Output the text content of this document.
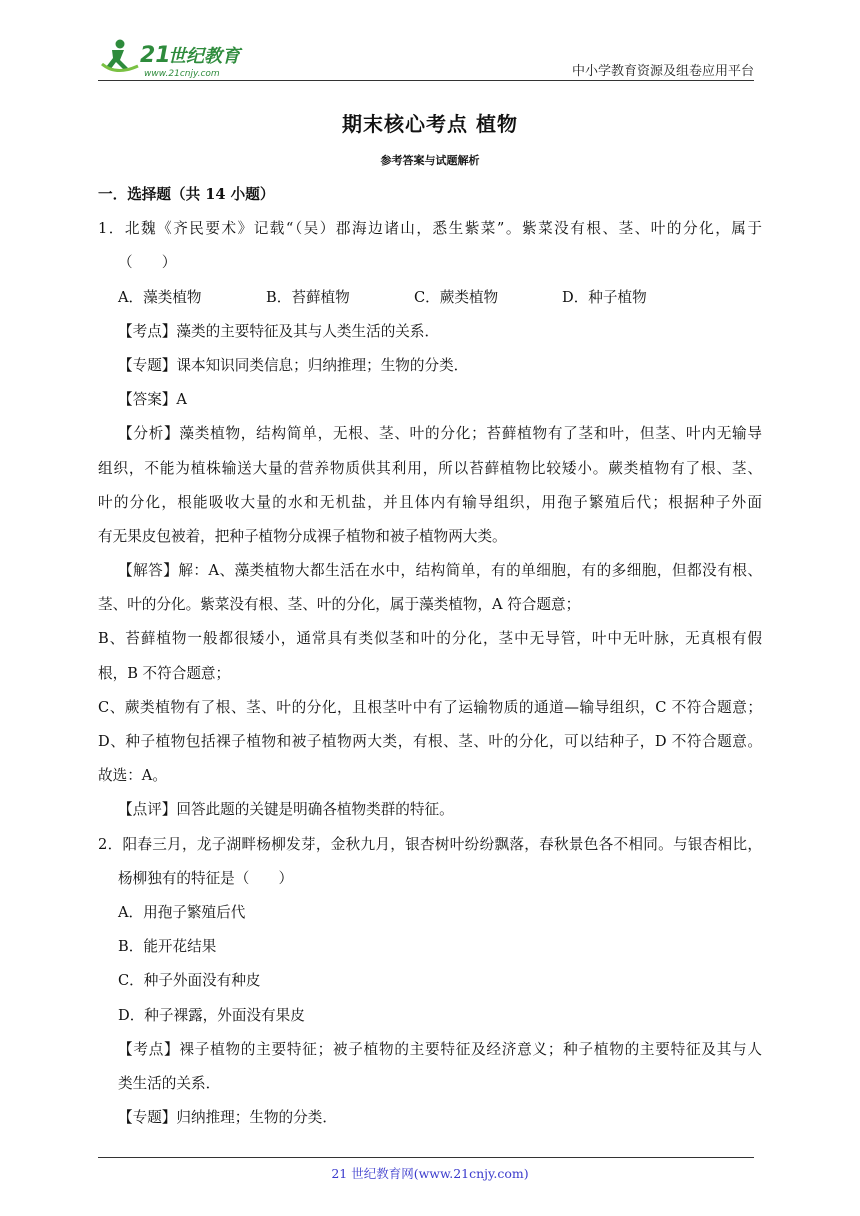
21
世纪教育
www.21cnjy.com	中小学教育资源及组卷应用平台
期末核心考点 植物
参考答案与试题解析
一．选择题（共 14 小题）
1．北魏《齐民要术》记载“（吴）郡海边诸山，悉生紫菜”。紫菜没有根、茎、叶的分化，属于
（　　）
A．藻类植物	B．苔藓植物	C．蕨类植物	D．种子植物
【考点】藻类的主要特征及其与人类生活的关系．
【专题】课本知识同类信息；归纳推理；生物的分类．
【答案】A
【分析】藻类植物，结构简单，无根、茎、叶的分化；苔藓植物有了茎和叶，但茎、叶内无输导
组织，不能为植株输送大量的营养物质供其利用，所以苔藓植物比较矮小。蕨类植物有了根、茎、
叶的分化，根能吸收大量的水和无机盐，并且体内有输导组织，用孢子繁殖后代；根据种子外面
有无果皮包被着，把种子植物分成裸子植物和被子植物两大类。
【解答】解：A、藻类植物大都生活在水中，结构简单，有的单细胞，有的多细胞，但都没有根、
茎、叶的分化。紫菜没有根、茎、叶的分化，属于藻类植物，A 符合题意；
B、苔藓植物一般都很矮小，通常具有类似茎和叶的分化，茎中无导管，叶中无叶脉，无真根有假
根，B 不符合题意；
C、蕨类植物有了根、茎、叶的分化，且根茎叶中有了运输物质的通道—输导组织，C 不符合题意；
D、种子植物包括裸子植物和被子植物两大类，有根、茎、叶的分化，可以结种子，D 不符合题意。
故选：A。
【点评】回答此题的关键是明确各植物类群的特征。
2．阳春三月，龙子湖畔杨柳发芽，金秋九月，银杏树叶纷纷飘落，春秋景色各不相同。与银杏相比，
杨柳独有的特征是（　　）
A．用孢子繁殖后代
B．能开花结果
C．种子外面没有种皮
D．种子裸露，外面没有果皮
【考点】裸子植物的主要特征；被子植物的主要特征及经济意义；种子植物的主要特征及其与人
类生活的关系．
【专题】归纳推理；生物的分类．
21 世纪教育网(www.21cnjy.com)
